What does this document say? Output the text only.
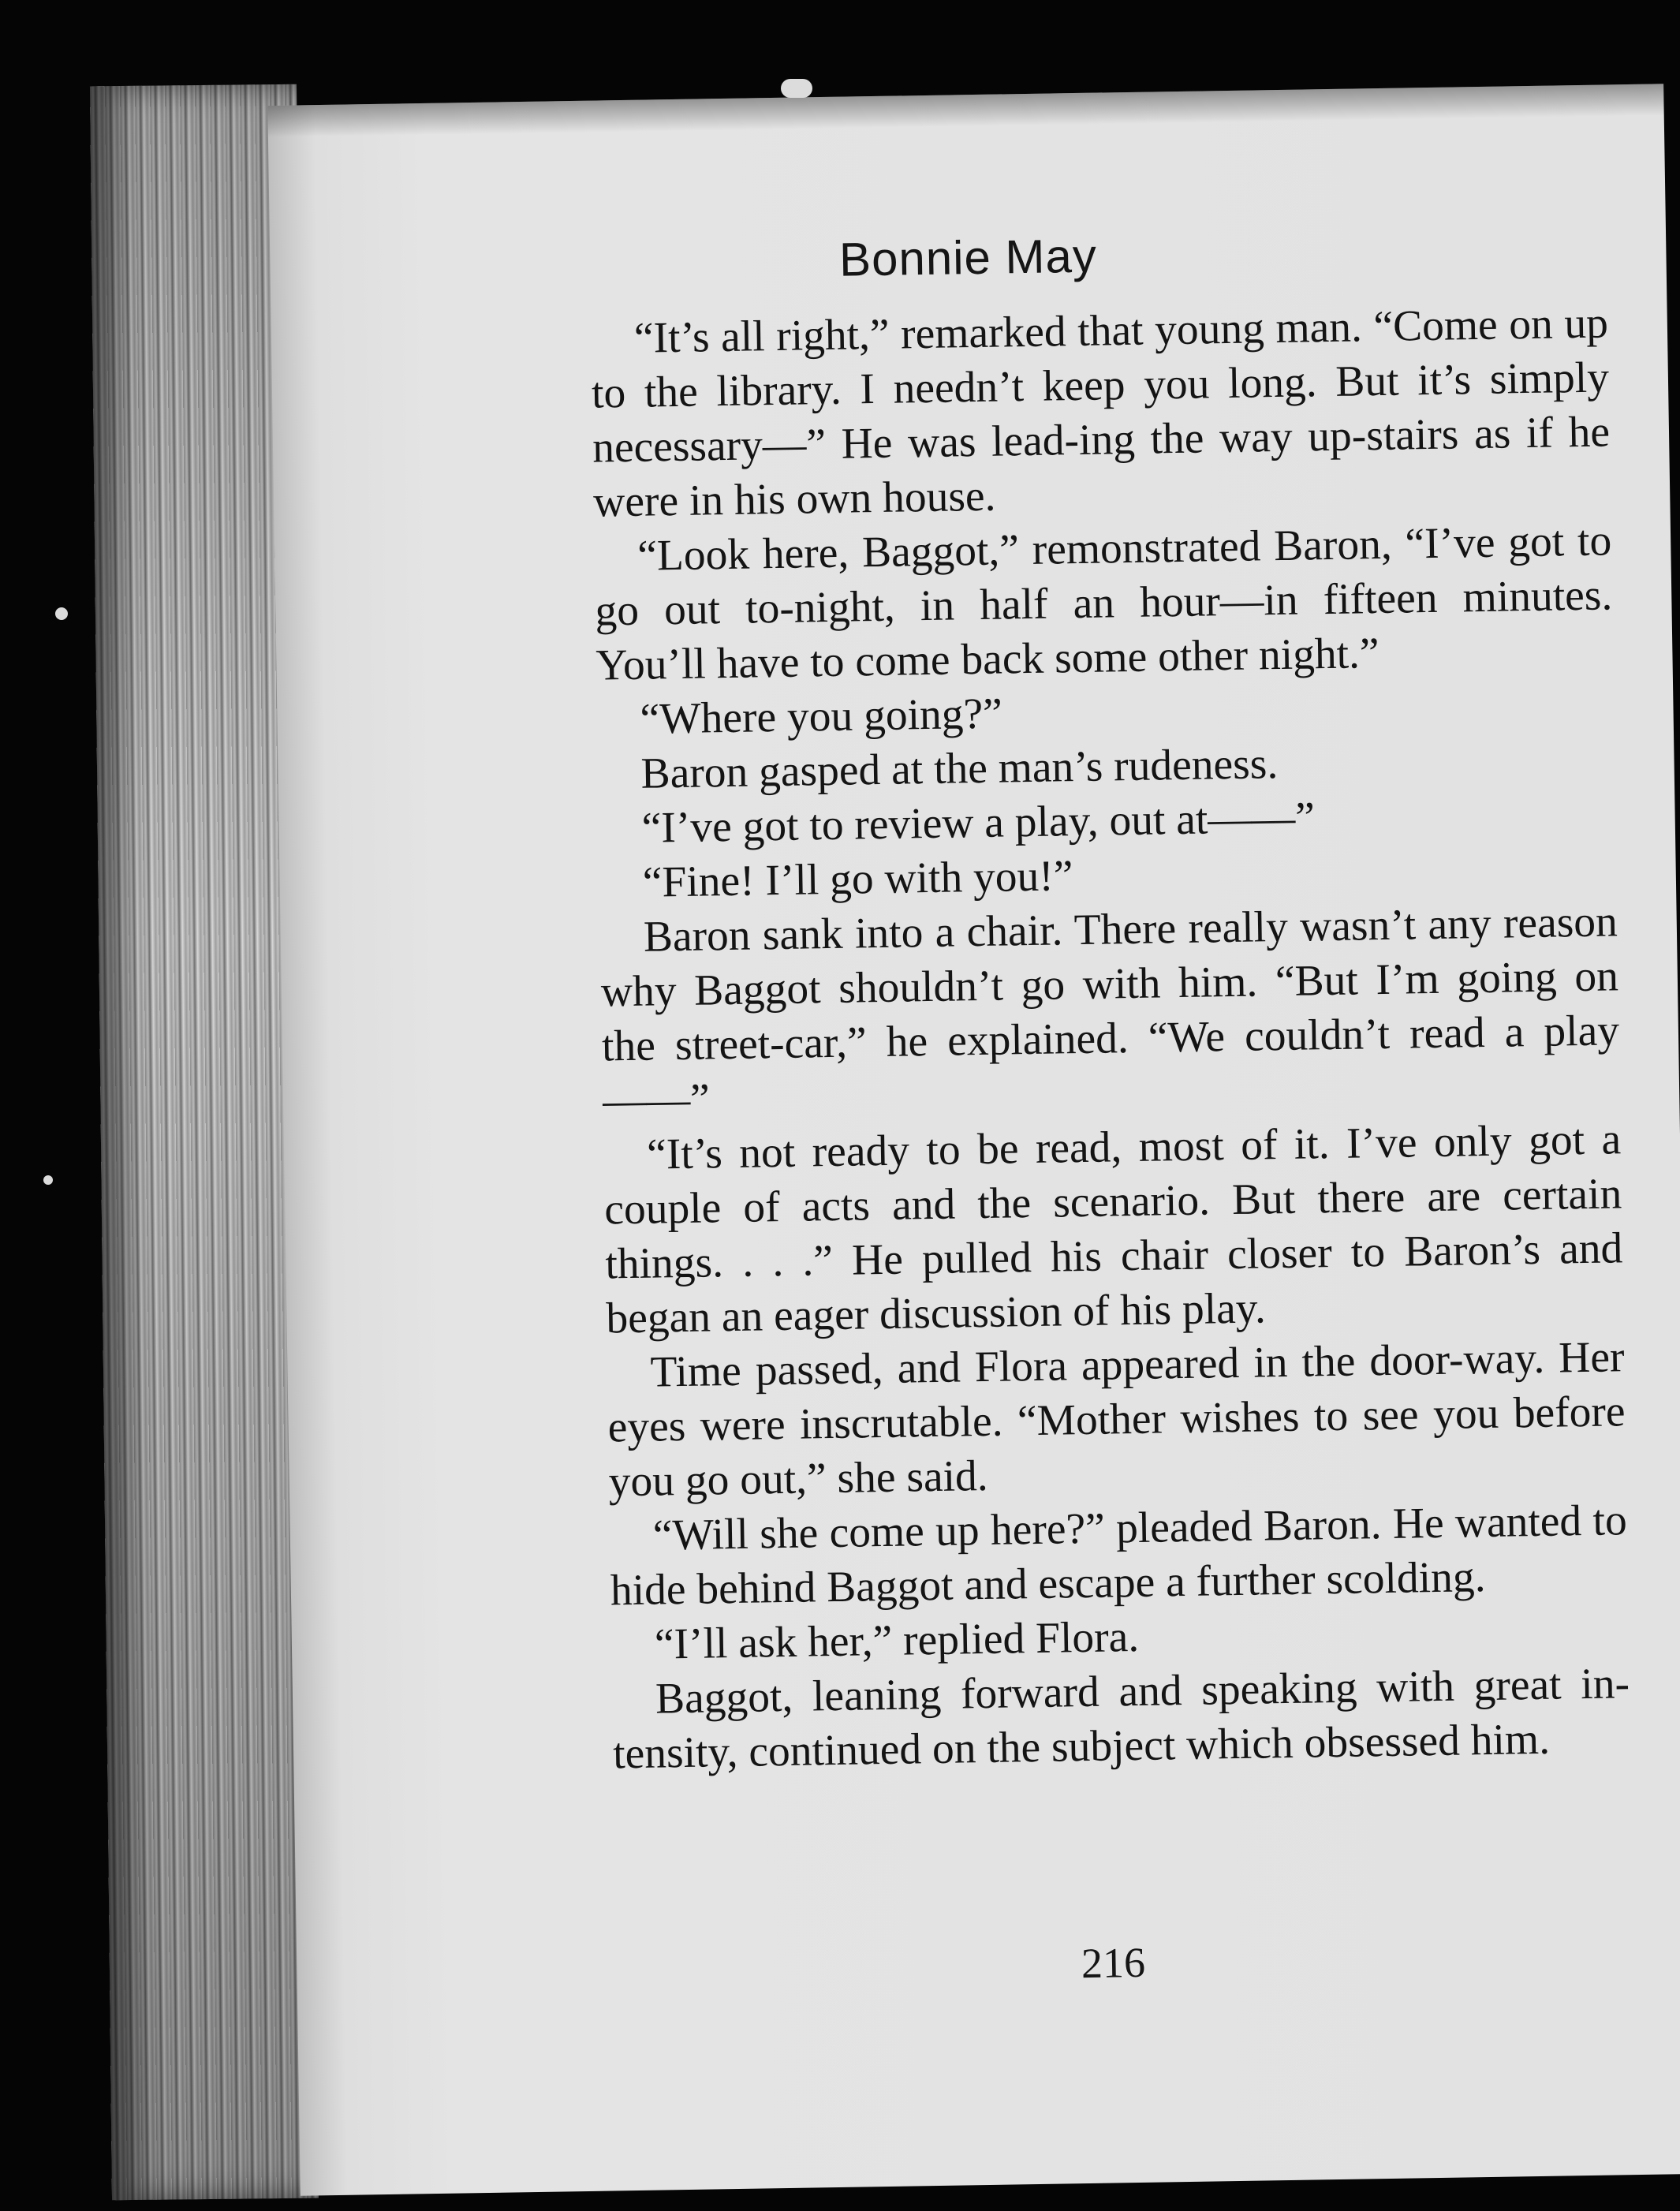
Bonnie May

“It’s all right,” remarked that young man. “Come on up to the library. I needn’t keep you long. But it’s simply necessary—” He was lead-ing the way up-stairs as if he were in his own house.

“Look here, Baggot,” remonstrated Baron, “I’ve got to go out to-night, in half an hour—in fifteen minutes. You’ll have to come back some other night.”

“Where you going?”

Baron gasped at the man’s rudeness.

“I’ve got to review a play, out at——”

“Fine! I’ll go with you!”

Baron sank into a chair. There really wasn’t any reason why Baggot shouldn’t go with him. “But I’m going on the street-car,” he explained. “We couldn’t read a play——”

“It’s not ready to be read, most of it. I’ve only got a couple of acts and the scenario. But there are certain things. . . .” He pulled his chair closer to Baron’s and began an eager discussion of his play.

Time passed, and Flora appeared in the door-way. Her eyes were inscrutable. “Mother wishes to see you before you go out,” she said.

“Will she come up here?” pleaded Baron. He wanted to hide behind Baggot and escape a further scolding.

“I’ll ask her,” replied Flora.

Baggot, leaning forward and speaking with great in-tensity, continued on the subject which obsessed him.

216
